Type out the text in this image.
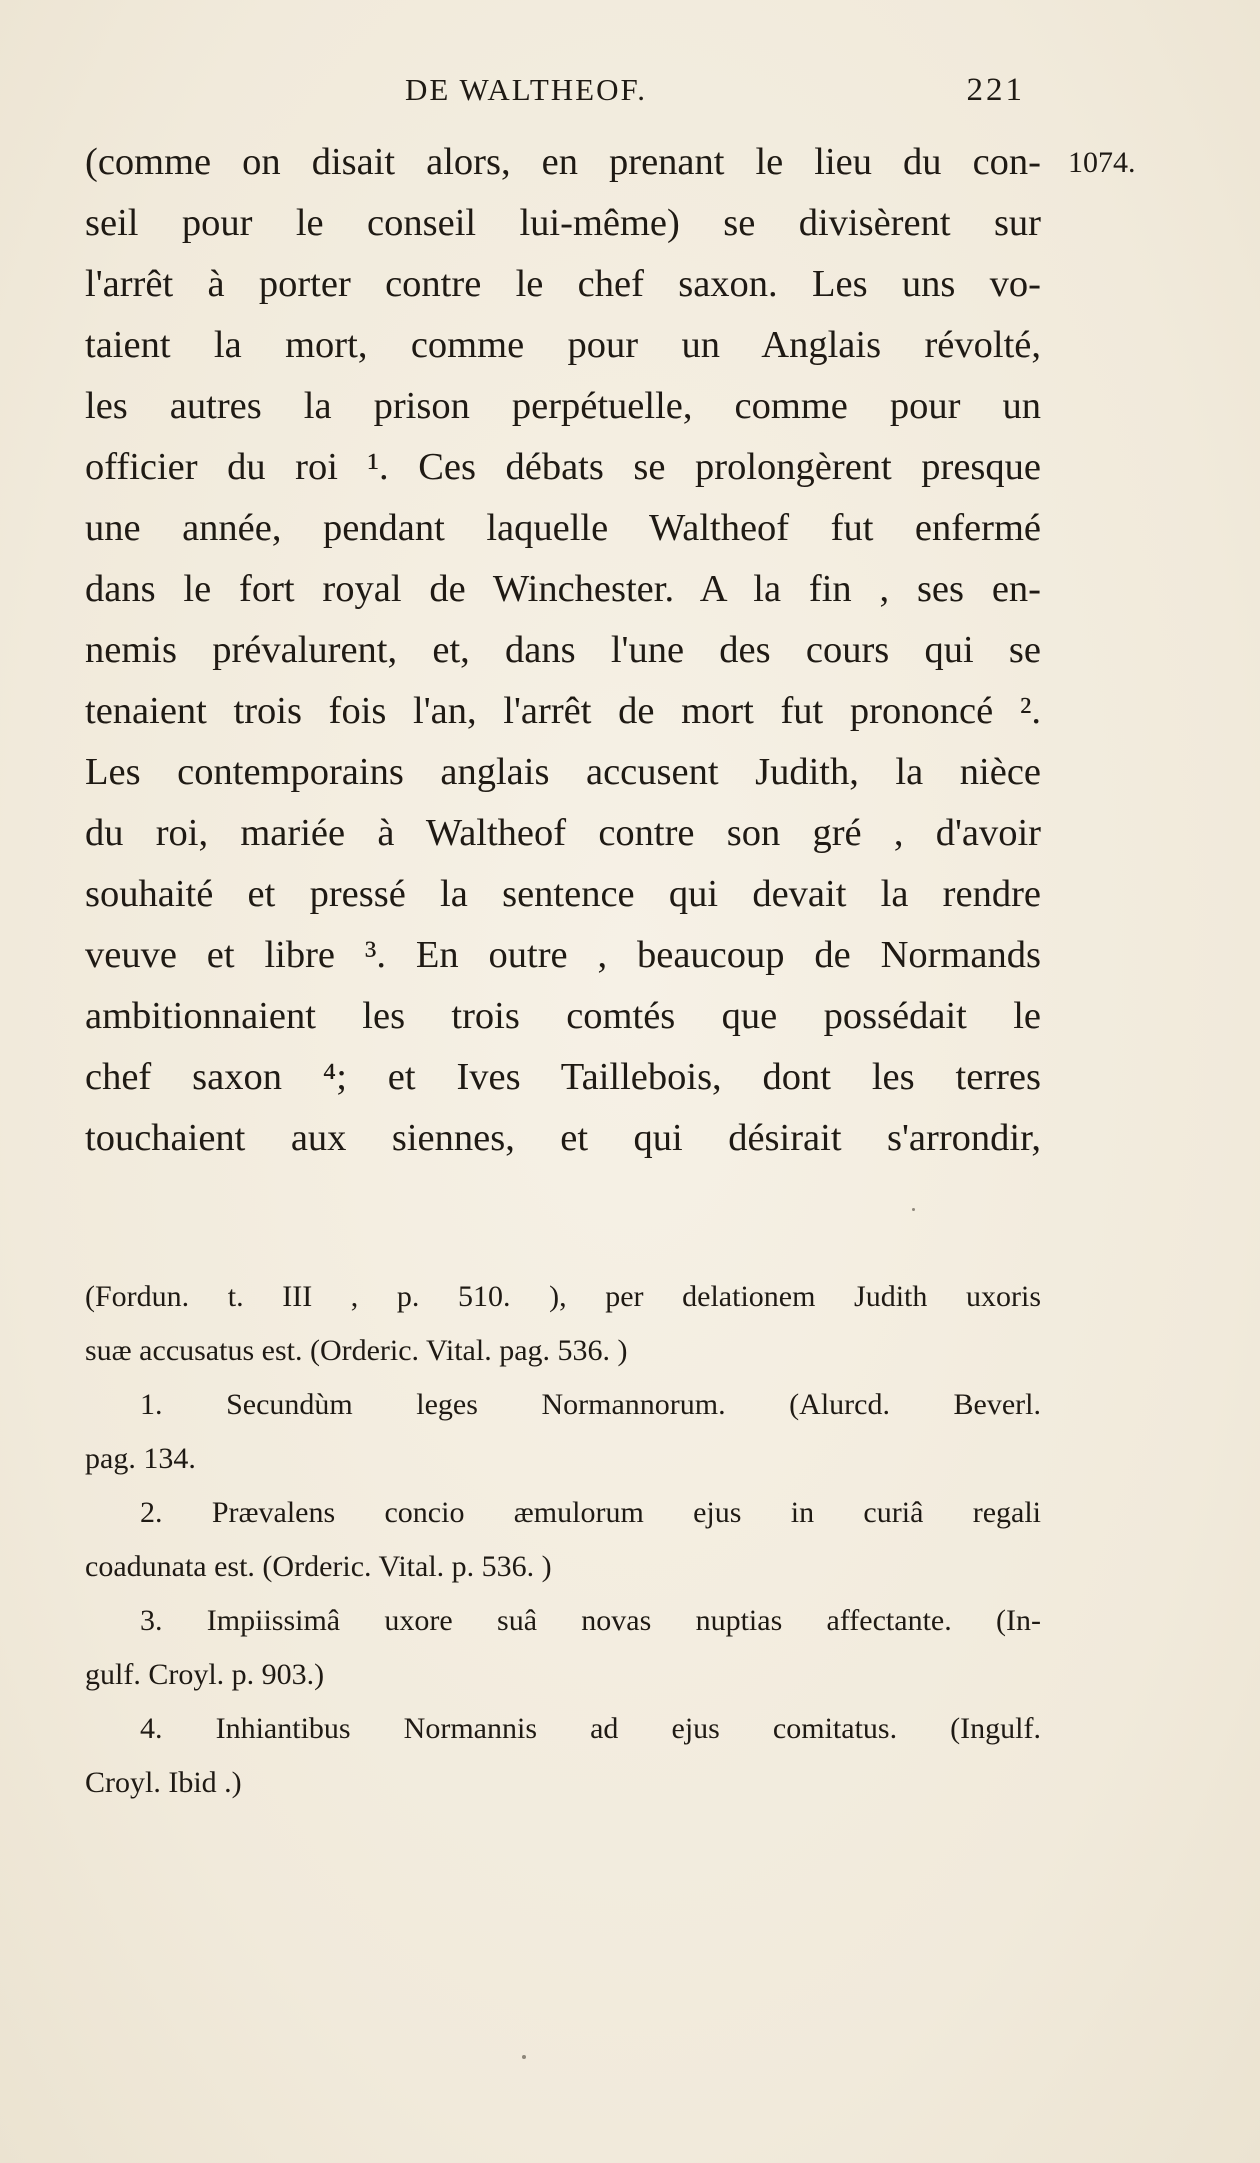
DE WALTHEOF.	221
1074.
(comme on disait alors, en prenant le lieu du con-
seil pour le conseil lui-même) se divisèrent sur
l'arrêt à porter contre le chef saxon. Les uns vo-
taient la mort, comme pour un Anglais révolté,
les autres la prison perpétuelle, comme pour un
officier du roi ¹. Ces débats se prolongèrent presque
une année, pendant laquelle Waltheof fut enfermé
dans le fort royal de Winchester. A la fin , ses en-
nemis prévalurent, et, dans l'une des cours qui se
tenaient trois fois l'an, l'arrêt de mort fut prononcé ².
Les contemporains anglais accusent Judith, la nièce
du roi, mariée à Waltheof contre son gré , d'avoir
souhaité et pressé la sentence qui devait la rendre
veuve et libre ³. En outre , beaucoup de Normands
ambitionnaient les trois comtés que possédait le
chef saxon ⁴; et Ives Taillebois, dont les terres
touchaient aux siennes, et qui désirait s'arrondir,
(Fordun. t. III , p. 510. ), per delationem Judith uxoris
suæ accusatus est. (Orderic. Vital. pag. 536. )
1. Secundùm leges Normannorum. (Alurcd. Beverl.
pag. 134.
2. Prævalens concio æmulorum ejus in curiâ regali
coadunata est. (Orderic. Vital. p. 536. )
3. Impiissimâ uxore suâ novas nuptias affectante. (In-
gulf. Croyl. p. 903.)
4. Inhiantibus Normannis ad ejus comitatus. (Ingulf.
Croyl. Ibid .)
